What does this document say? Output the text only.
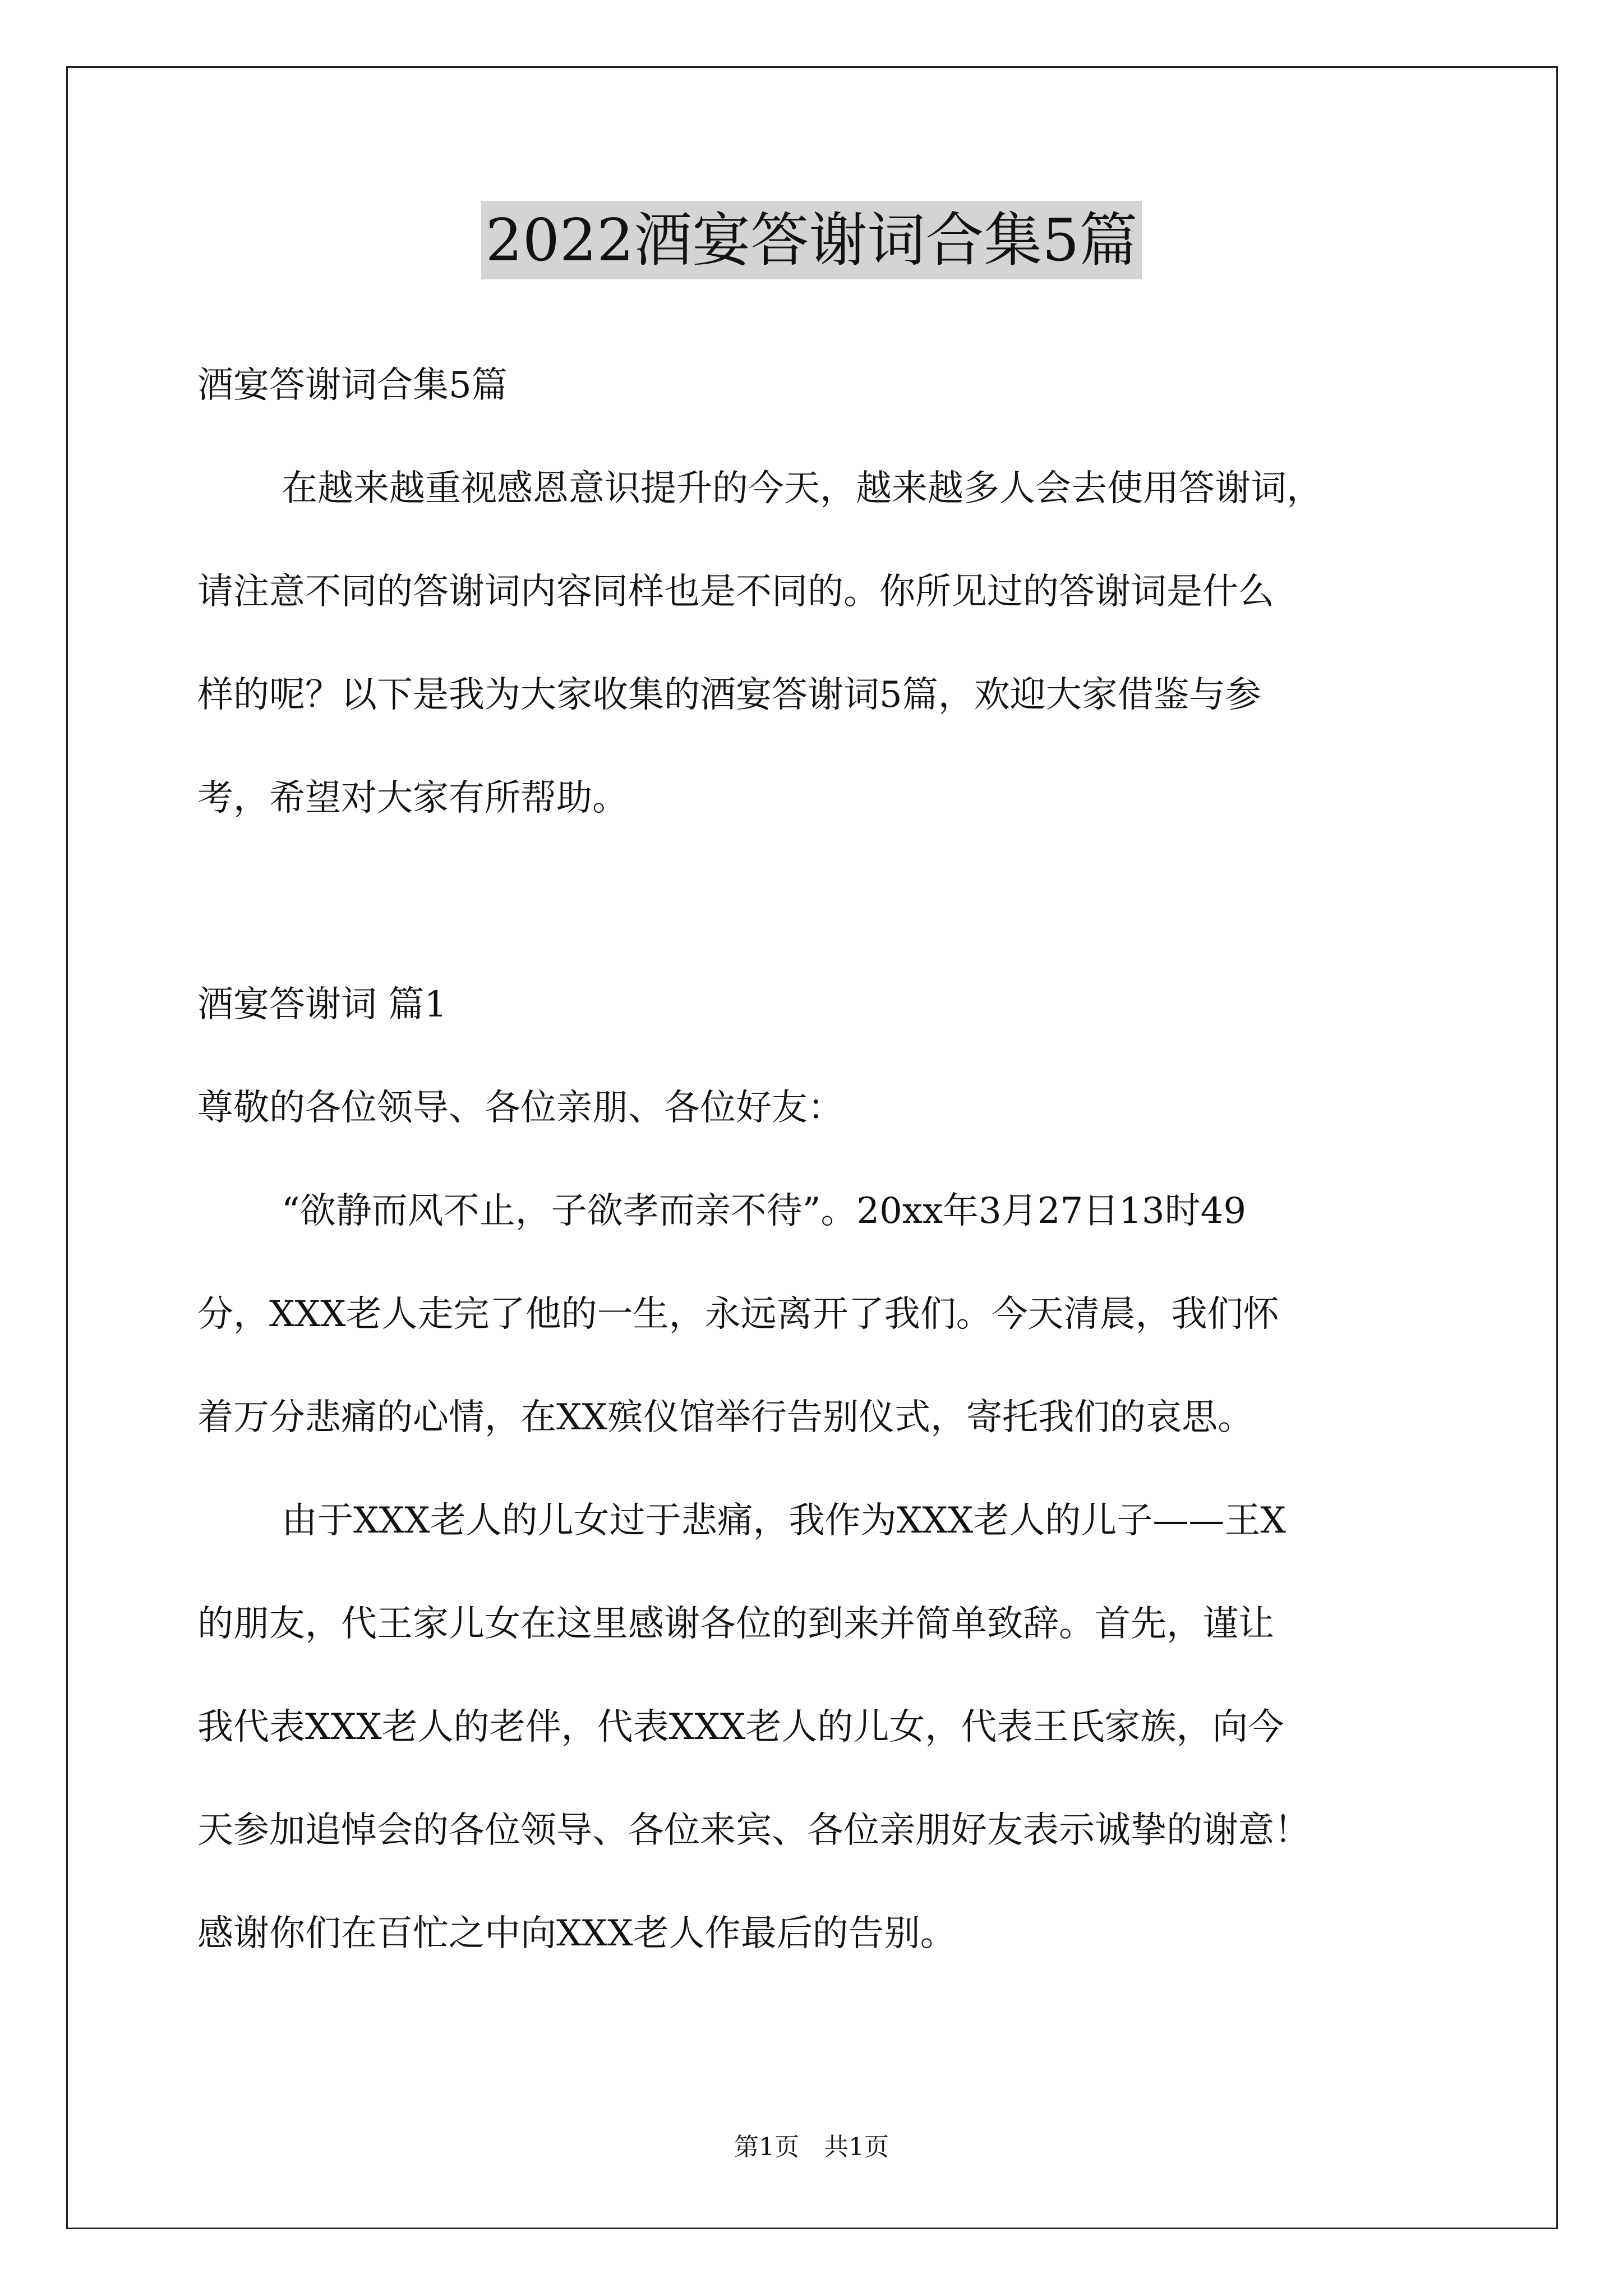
2022酒宴答谢词合集5篇
酒宴答谢词合集5篇
在越来越重视感恩意识提升的今天，越来越多人会去使用答谢词，
请注意不同的答谢词内容同样也是不同的。你所见过的答谢词是什么
样的呢？以下是我为大家收集的酒宴答谢词5篇，欢迎大家借鉴与参
考，希望对大家有所帮助。
酒宴答谢词 篇1
尊敬的各位领导、各位亲朋、各位好友：
“欲静而风不止，子欲孝而亲不待”。20xx年3月27日13时49
分，XXX老人走完了他的一生，永远离开了我们。今天清晨，我们怀
着万分悲痛的心情，在XX殡仪馆举行告别仪式，寄托我们的哀思。
由于XXX老人的儿女过于悲痛，我作为XXX老人的儿子——王X
的朋友，代王家儿女在这里感谢各位的到来并简单致辞。首先，谨让
我代表XXX老人的老伴，代表XXX老人的儿女，代表王氏家族，向今
天参加追悼会的各位领导、各位来宾、各位亲朋好友表示诚挚的谢意！
感谢你们在百忙之中向XXX老人作最后的告别。
第1页　共1页
